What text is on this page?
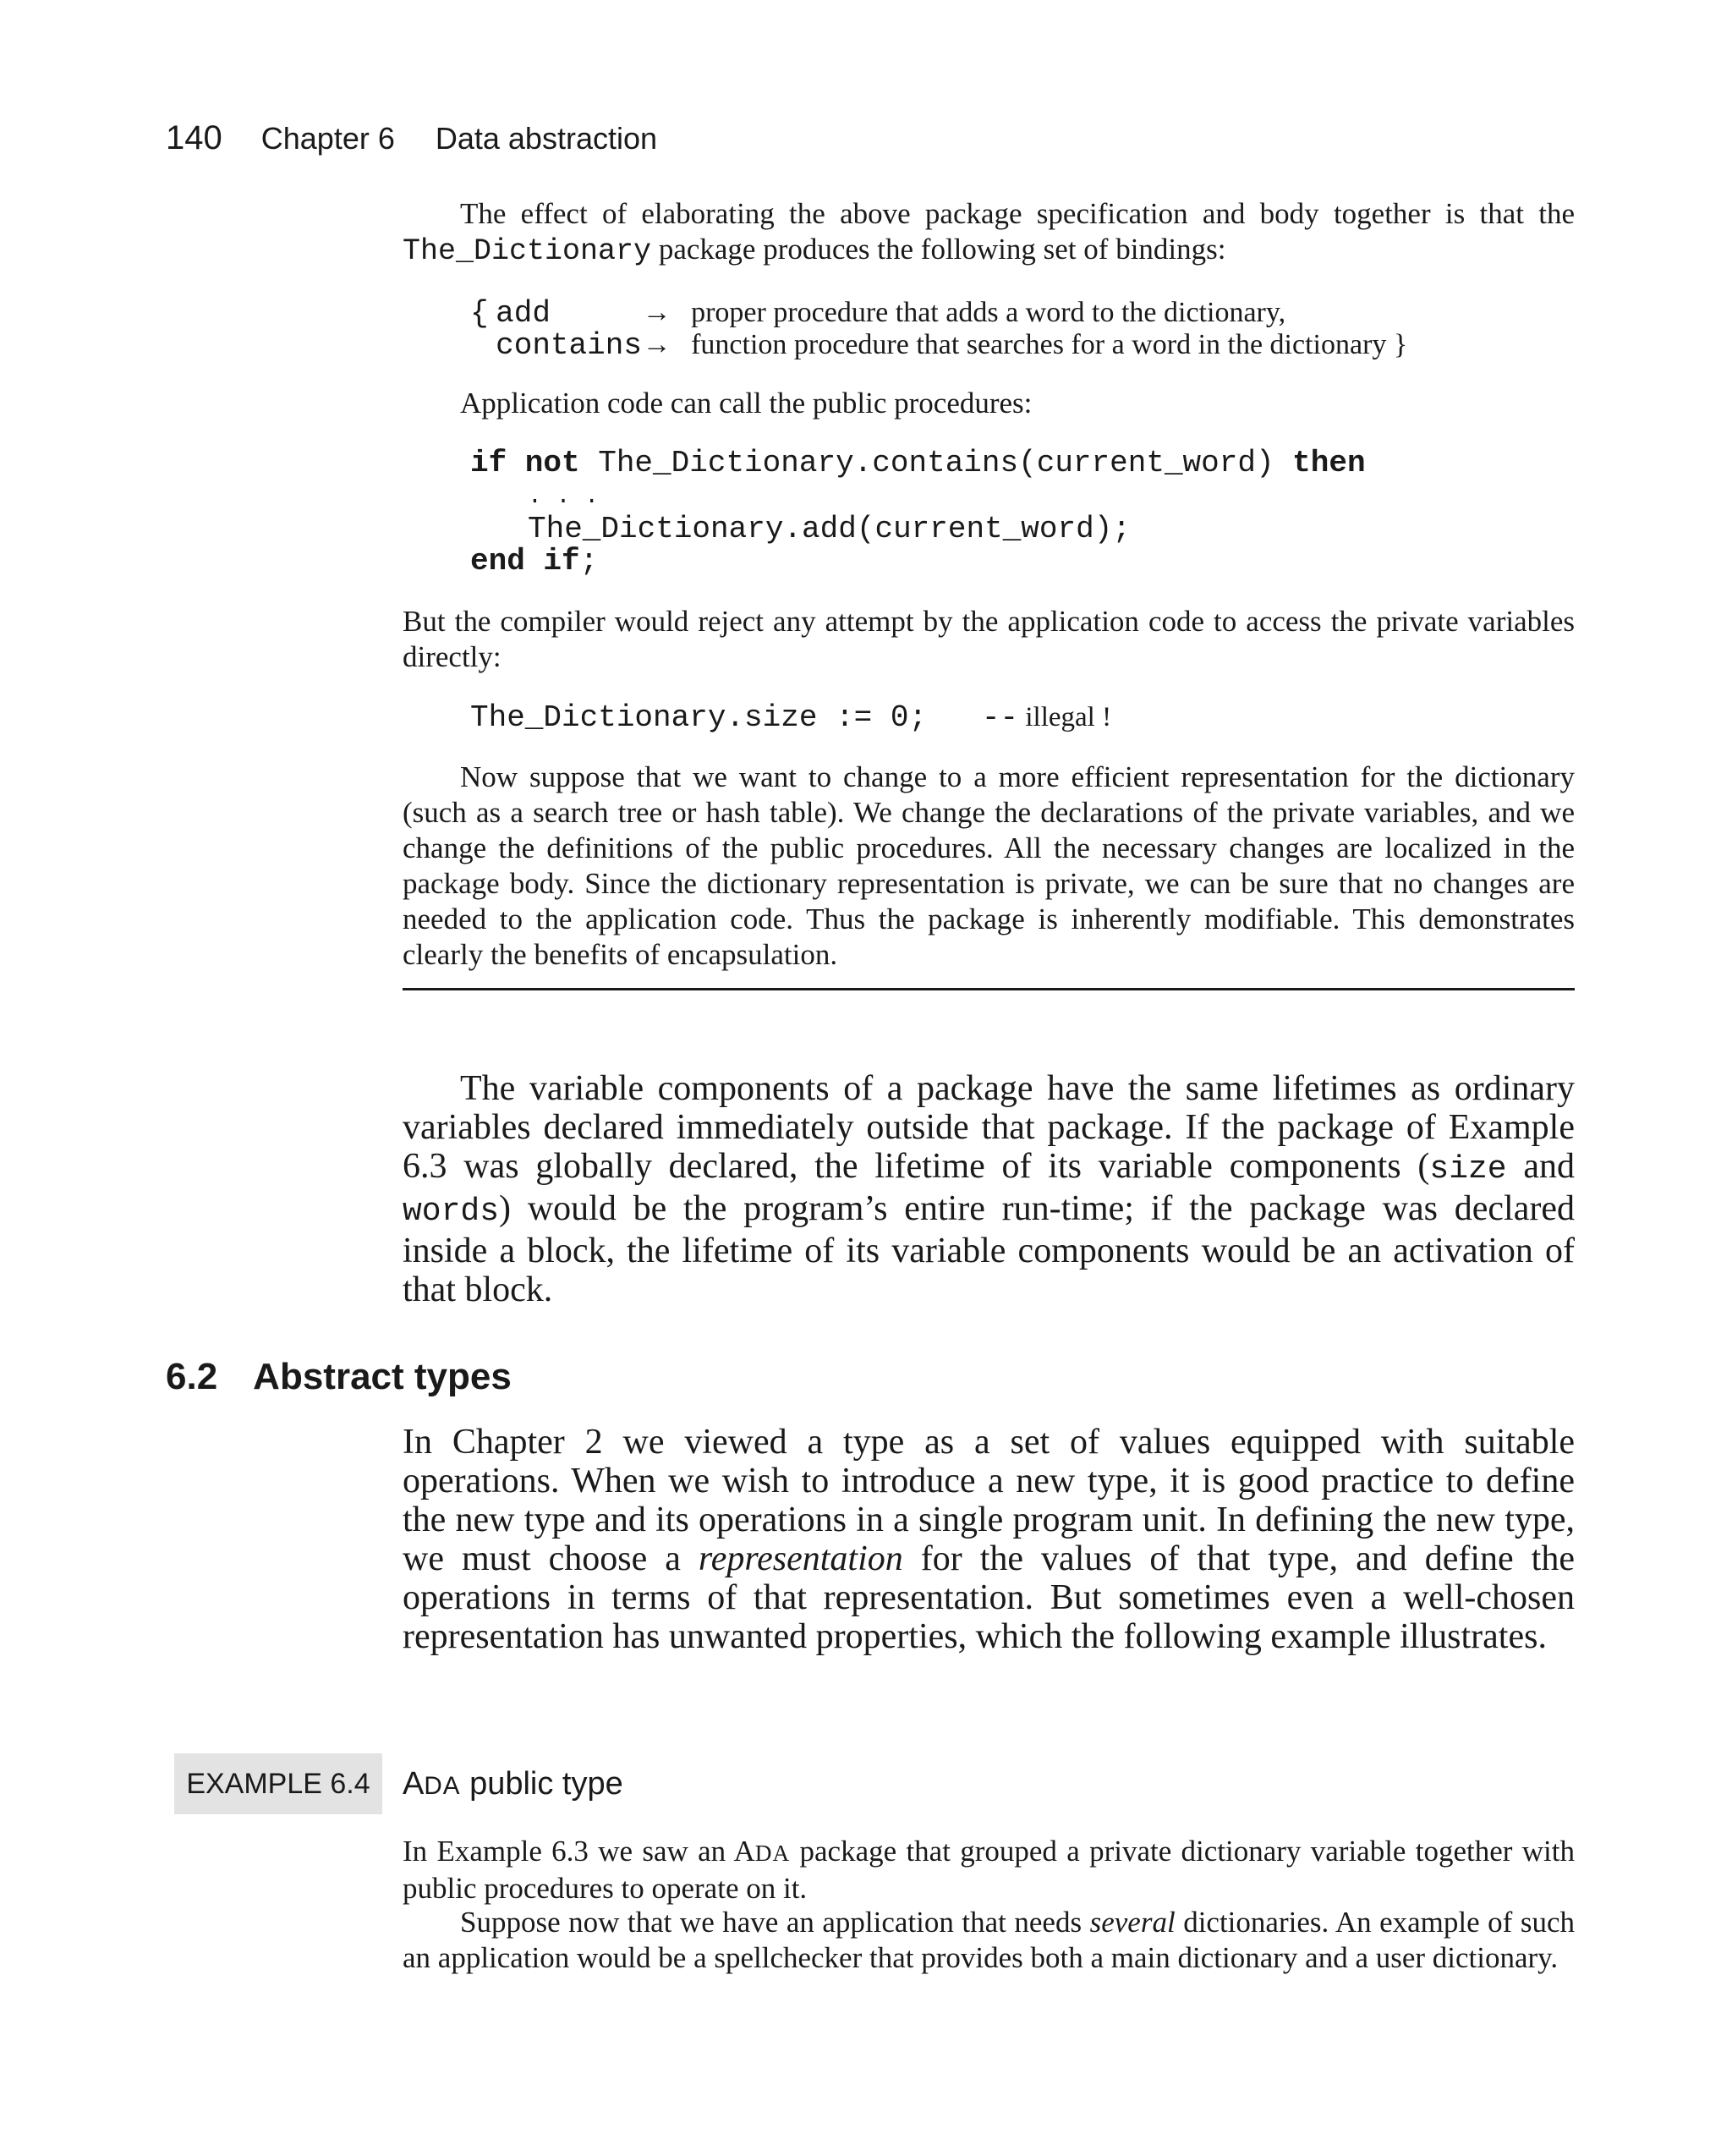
140 Chapter 6 Data abstraction

The effect of elaborating the above package specification and body together is that the The_Dictionary package produces the following set of bindings:

{ add	→ proper procedure that adds a word to the dictionary,
contains → function procedure that searches for a word in the dictionary }

Application code can call the public procedures:

if not The_Dictionary.contains(current_word) then
. . .
The_Dictionary.add(current_word);
end if;

But the compiler would reject any attempt by the application code to access the private variables directly:

The_Dictionary.size := 0;   -- illegal !

Now suppose that we want to change to a more efficient representation for the dictionary (such as a search tree or hash table). We change the declarations of the private variables, and we change the definitions of the public procedures. All the necessary changes are localized in the package body. Since the dictionary representation is private, we can be sure that no changes are needed to the application code. Thus the package is inherently modifiable. This demonstrates clearly the benefits of encapsulation.

The variable components of a package have the same lifetimes as ordinary variables declared immediately outside that package. If the package of Example 6.3 was globally declared, the lifetime of its variable components (size and words) would be the program’s entire run-time; if the package was declared inside a block, the lifetime of its variable components would be an activation of that block.

6.2 Abstract types

In Chapter 2 we viewed a type as a set of values equipped with suitable operations. When we wish to introduce a new type, it is good practice to define the new type and its operations in a single program unit. In defining the new type, we must choose a representation for the values of that type, and define the operations in terms of that representation. But sometimes even a well-chosen representation has unwanted properties, which the following example illustrates.

EXAMPLE 6.4	ADA public type

In Example 6.3 we saw an ADA package that grouped a private dictionary variable together with public procedures to operate on it.

Suppose now that we have an application that needs several dictionaries. An example of such an application would be a spellchecker that provides both a main dictionary and a user dictionary.
